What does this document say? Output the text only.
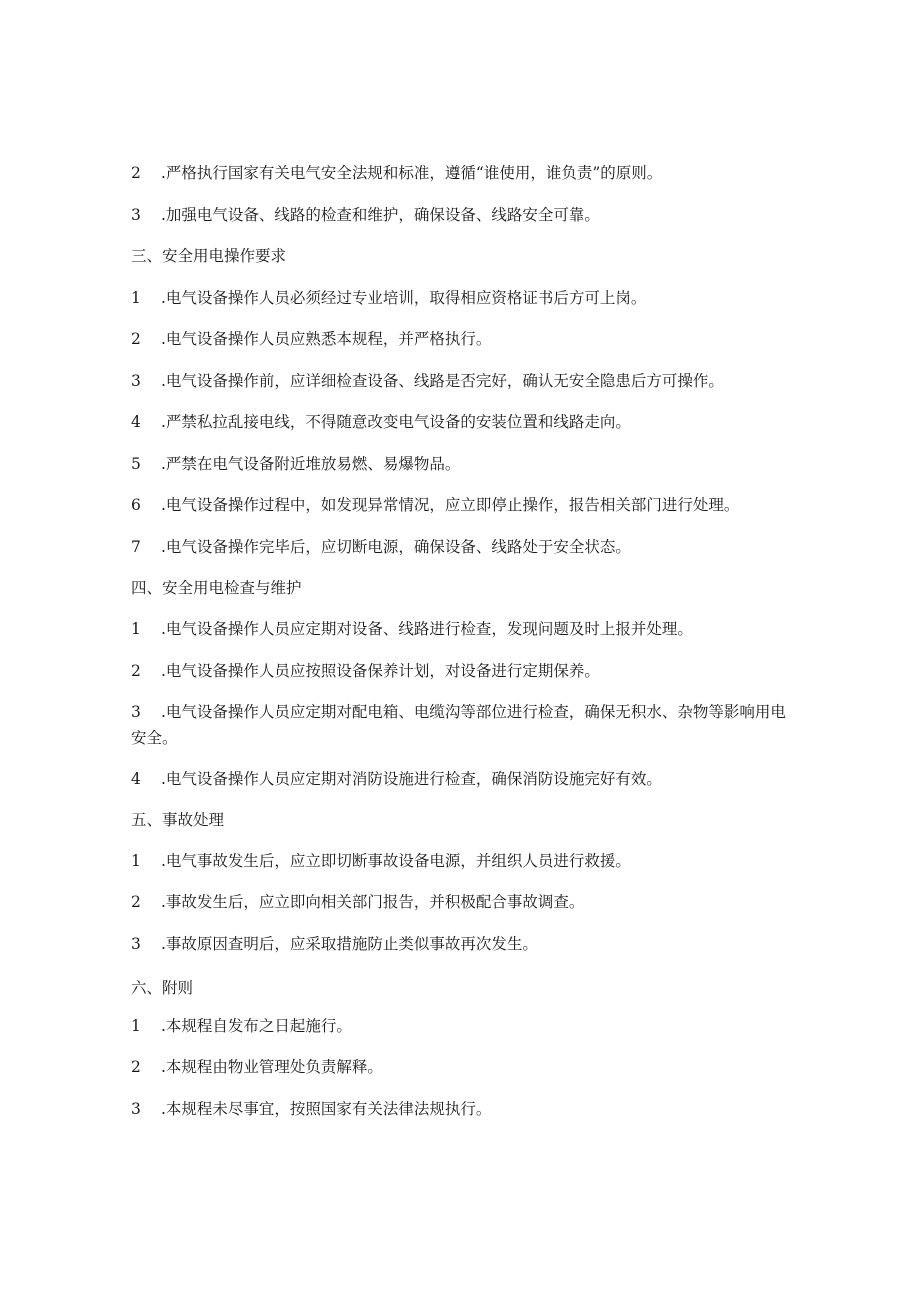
2 .严格执行国家有关电气安全法规和标准，遵循“谁使用，谁负责”的原则。
3 .加强电气设备、线路的检查和维护，确保设备、线路安全可靠。
三、安全用电操作要求
1 .电气设备操作人员必须经过专业培训，取得相应资格证书后方可上岗。
2 .电气设备操作人员应熟悉本规程，并严格执行。
3 .电气设备操作前，应详细检查设备、线路是否完好，确认无安全隐患后方可操作。
4 .严禁私拉乱接电线，不得随意改变电气设备的安装位置和线路走向。
5 .严禁在电气设备附近堆放易燃、易爆物品。
6 .电气设备操作过程中，如发现异常情况，应立即停止操作，报告相关部门进行处理。
7 .电气设备操作完毕后，应切断电源，确保设备、线路处于安全状态。
四、安全用电检查与维护
1 .电气设备操作人员应定期对设备、线路进行检查，发现问题及时上报并处理。
2 .电气设备操作人员应按照设备保养计划，对设备进行定期保养。
3 .电气设备操作人员应定期对配电箱、电缆沟等部位进行检查，确保无积水、杂物等影响用电安全。
4 .电气设备操作人员应定期对消防设施进行检查，确保消防设施完好有效。
五、事故处理
1 .电气事故发生后，应立即切断事故设备电源，并组织人员进行救援。
2 .事故发生后，应立即向相关部门报告，并积极配合事故调查。
3 .事故原因查明后，应采取措施防止类似事故再次发生。
六、附则
1 .本规程自发布之日起施行。
2 .本规程由物业管理处负责解释。
3 .本规程未尽事宜，按照国家有关法律法规执行。
